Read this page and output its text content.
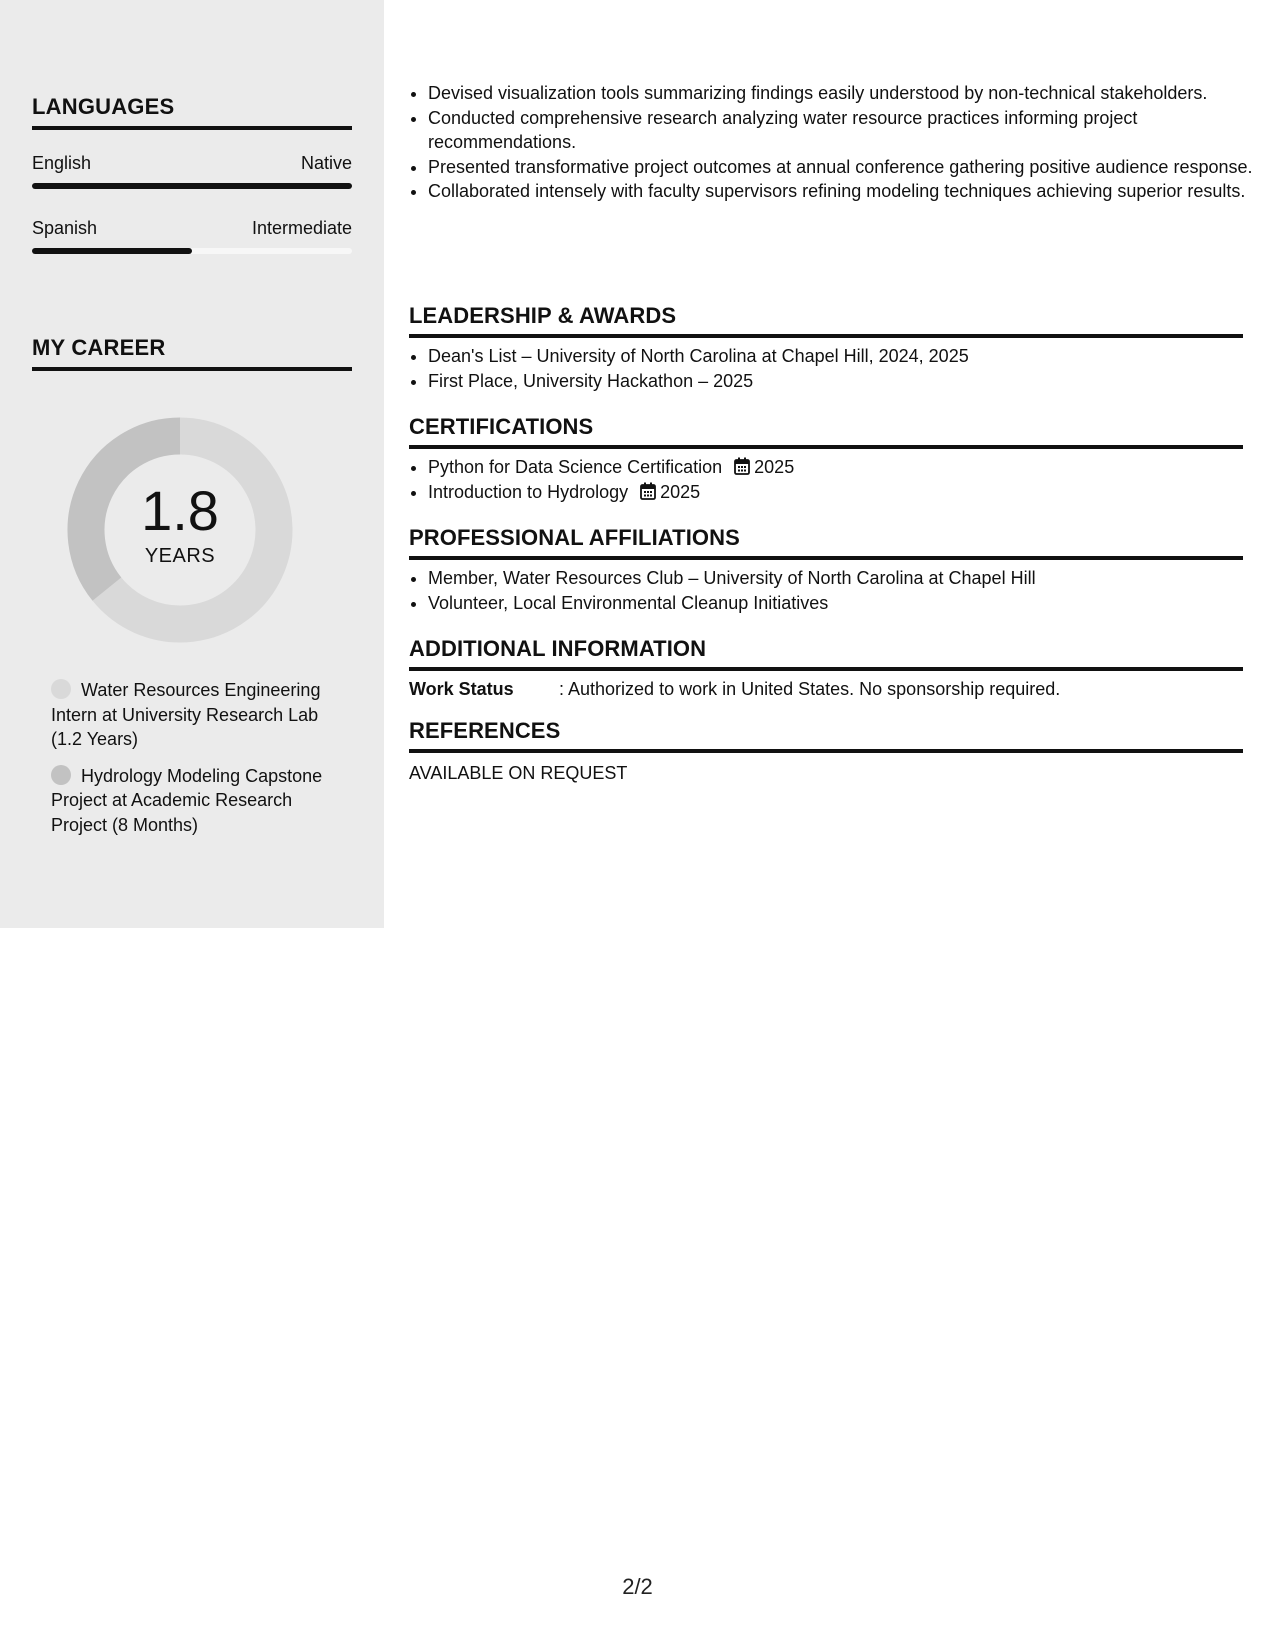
LANGUAGES
English	Native
Spanish	Intermediate
MY CAREER
1.8
YEARS
Water Resources Engineering Intern at University Research Lab (1.2 Years)
Hydrology Modeling Capstone Project at Academic Research Project (8 Months)
• Devised visualization tools summarizing findings easily understood by non-technical stakeholders.
• Conducted comprehensive research analyzing water resource practices informing project recommendations.
• Presented transformative project outcomes at annual conference gathering positive audience response.
• Collaborated intensely with faculty supervisors refining modeling techniques achieving superior results.
LEADERSHIP & AWARDS
• Dean's List – University of North Carolina at Chapel Hill, 2024, 2025
• First Place, University Hackathon – 2025
CERTIFICATIONS
• Python for Data Science Certification 2025
• Introduction to Hydrology 2025
PROFESSIONAL AFFILIATIONS
• Member, Water Resources Club – University of North Carolina at Chapel Hill
• Volunteer, Local Environmental Cleanup Initiatives
ADDITIONAL INFORMATION
Work Status	: Authorized to work in United States. No sponsorship required.
REFERENCES
AVAILABLE ON REQUEST
2/2
